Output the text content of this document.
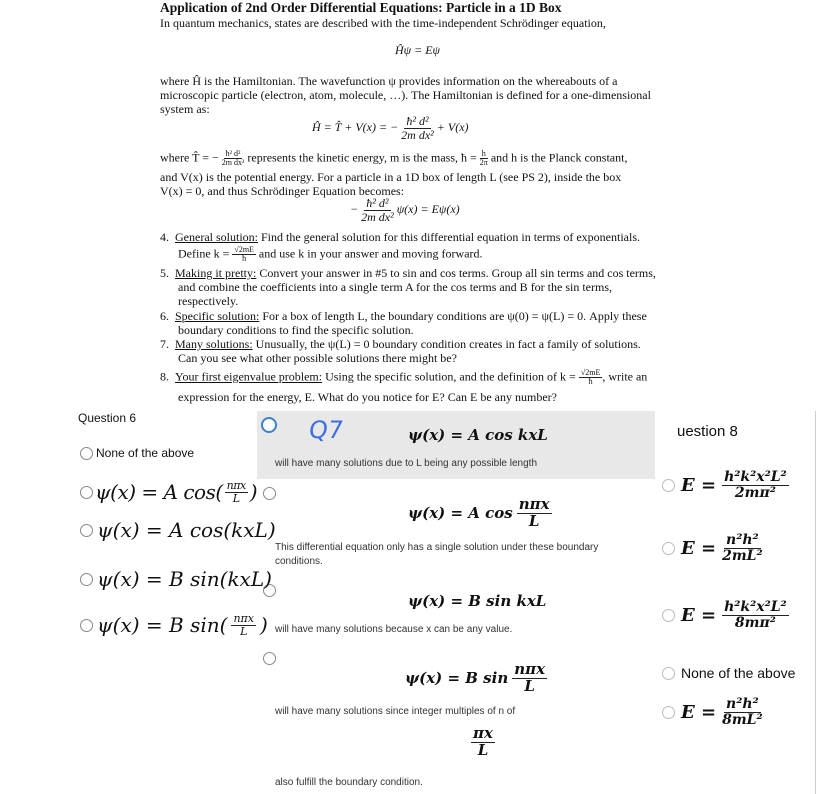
Application of 2nd Order Differential Equations: Particle in a 1D Box
In quantum mechanics, states are described with the time-independent Schrödinger equation,
Ĥψ = Eψ
where Ĥ is the Hamiltonian. The wavefunction ψ provides information on the whereabouts of a
microscopic particle (electron, atom, molecule, …). The Hamiltonian is defined for a one-dimensional
system as:
Ĥ = T̂ + V(x) = − $\frac{\text{ħ² d²}}{\text{2m dx²}} + V(x)$
where T̂ = − $\frac{\text{ħ² d²}}{\text{2m dx²}}$ represents the kinetic energy, m is the mass, ħ = $\frac{h}{2\pi}$ and h is the Planck constant,
and V(x) is the potential energy. For a particle in a 1D box of length L (see PS 2), inside the box
V(x) = 0, and thus Schrödinger Equation becomes:
− $\frac{\text{ħ² d²}}{\text{2m dx²}} \psi(x) = E\psi(x)$
4. General solution: Find the general solution for this differential equation in terms of exponentials.
Define $k = \frac{√2mE}{ħ}$ and use k in your answer and moving forward.
5. Making it pretty: Convert your answer in #5 to sin and cos terms. Group all sin terms and cos terms,
and combine the coefficients into a single term A for the cos terms and B for the sin terms,
respectively.
6. Specific solution: For a box of length L, the boundary conditions are ψ(0) = ψ(L) = 0. Apply these
boundary conditions to find the specific solution.
7. Many solutions: Unusually, the ψ(L) = 0 boundary condition creates in fact a family of solutions.
Can you see what other possible solutions there might be?
8. Your first eigenvalue problem: Using the specific solution, and the definition of $k = \frac{√2mE}{ħ}$ , write an
expression for the energy, E. What do you notice for E? Can E be any number?
Question 6
None of the above
ψ(x) = A cos( nπx
L )
ψ(x) = A cos(kxL)
ψ(x) = B sin(kxL)
ψ(x) = B sin( nπx
L )
Q7	ψ(x) = A cos kxL
will have many solutions due to L being any possible length
ψ(x) = A cos
nπx
L
This differential equation only has a single solution under these boundary
conditions.
ψ(x) = B sin kxL
will have many solutions because x can be any value.
ψ(x) = B sin
nπx
L
will have many solutions since integer multiples of n of
$\frac{\pi x}{L}$
also fulfill the boundary condition.
uestion 8
$E = \frac{\text{h²k²x²L²}}{\text{2mπ²}}$
$E = \frac{\text{n²h²}}{\text{2mL²}}$
$E = \frac{\text{h²k²x²L²}}{\text{8mπ²}}$
None of the above
$E = \frac{\text{n²h²}}{\text{8mL²}}$
